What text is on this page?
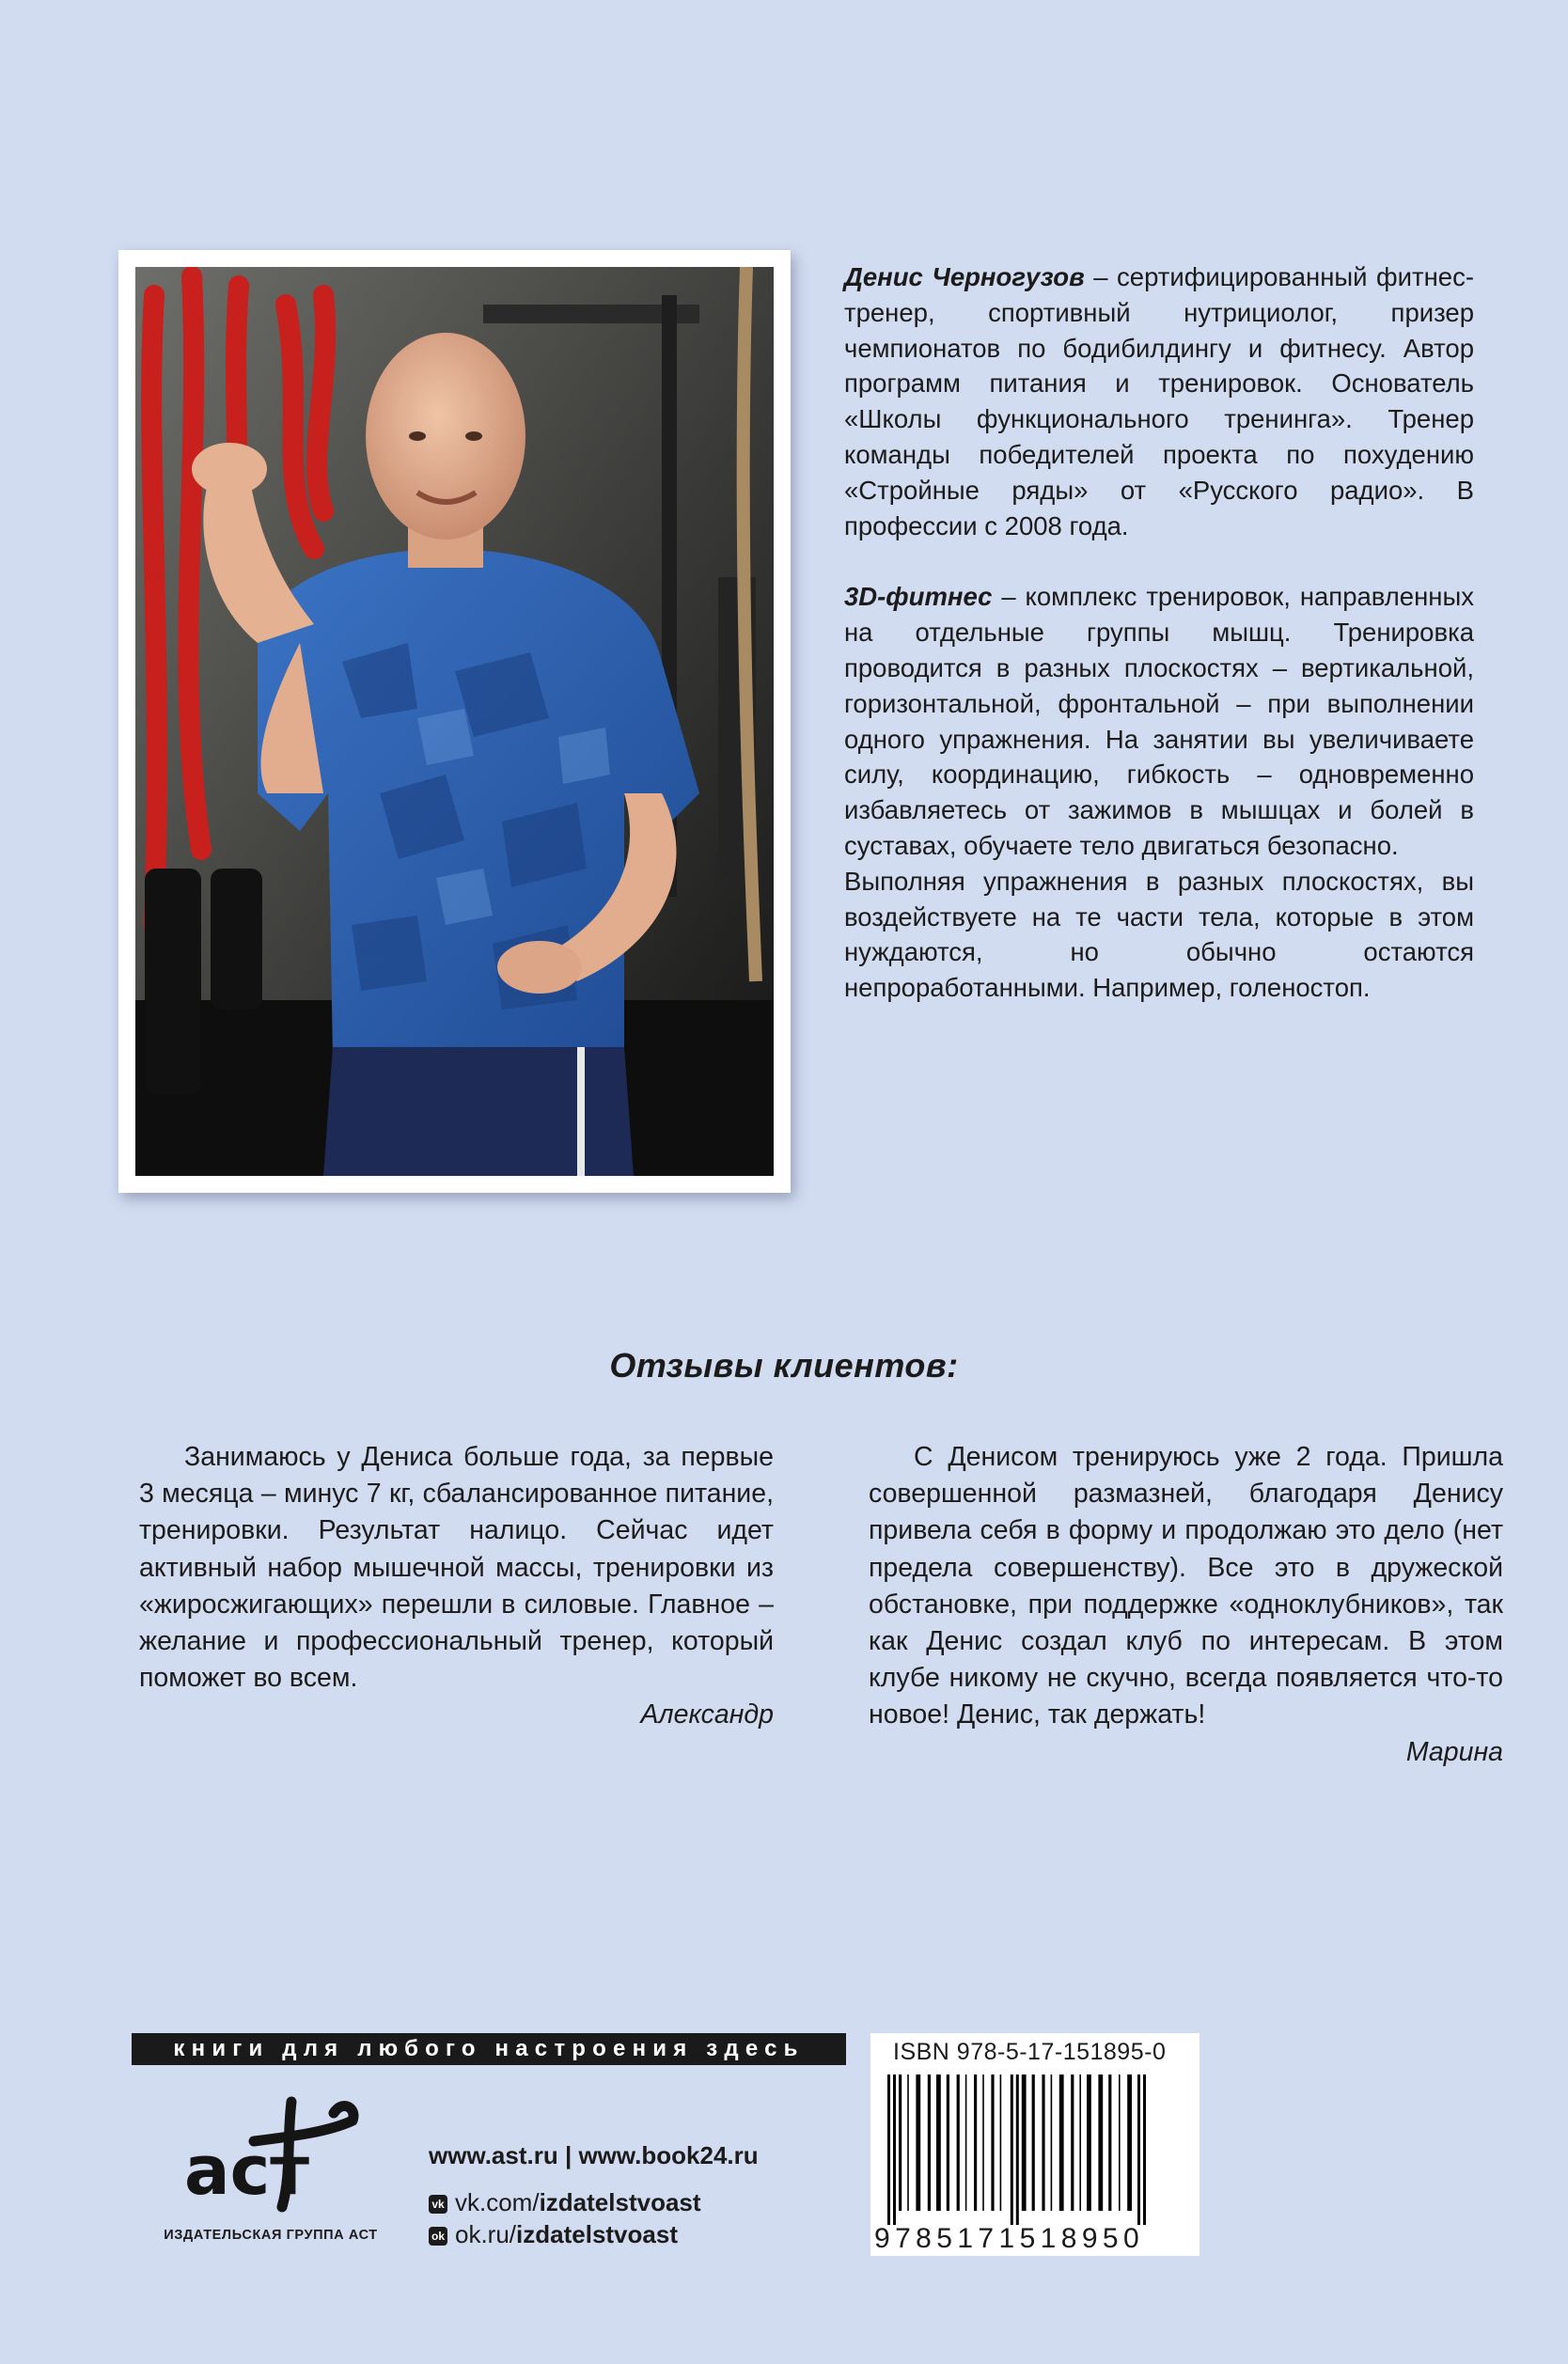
Денис Черногузов – сертифицированный фитнес-тренер, спортивный нутрициолог, призер чемпионатов по бодибилдингу и фитнесу. Автор программ питания и тренировок. Основатель «Школы функционального тренинга». Тренер команды победителей проекта по похудению «Стройные ряды» от «Русского радио». В профессии с 2008 года.

3D-фитнес – комплекс тренировок, направленных на отдельные группы мышц. Тренировка проводится в разных плоскостях – вертикальной, горизонтальной, фронтальной – при выполнении одного упражнения. На занятии вы увеличиваете силу, координацию, гибкость – одновременно избавляетесь от зажимов в мышцах и болей в суставах, обучаете тело двигаться безопасно.

Выполняя упражнения в разных плоскостях, вы воздействуете на те части тела, которые в этом нуждаются, но обычно остаются непроработанными. Например, голеностоп.

Отзывы клиентов:

Занимаюсь у Дениса больше года, за первые 3 месяца – минус 7 кг, сбалансированное питание, тренировки. Результат налицо. Сейчас идет активный набор мышечной массы, тренировки из «жиросжигающих» перешли в силовые. Главное – желание и профессиональный тренер, который поможет во всем.

Александр

С Денисом тренируюсь уже 2 года. Пришла совершенной размазней, благодаря Денису привела себя в форму и продолжаю это дело (нет предела совершенству). Все это в дружеской обстановке, при поддержке «одноклубников», так как Денис создал клуб по интересам. В этом клубе никому не скучно, всегда появляется что-то новое! Денис, так держать!

Марина

книги для любого настроения здесь
аст
ИЗДАТЕЛЬСКАЯ ГРУППА АСТ
www.ast.ru | www.book24.ru
vk vk.com/izdatelstvoast
ok ok.ru/izdatelstvoast
ISBN 978-5-17-151895-0
9785171518950
